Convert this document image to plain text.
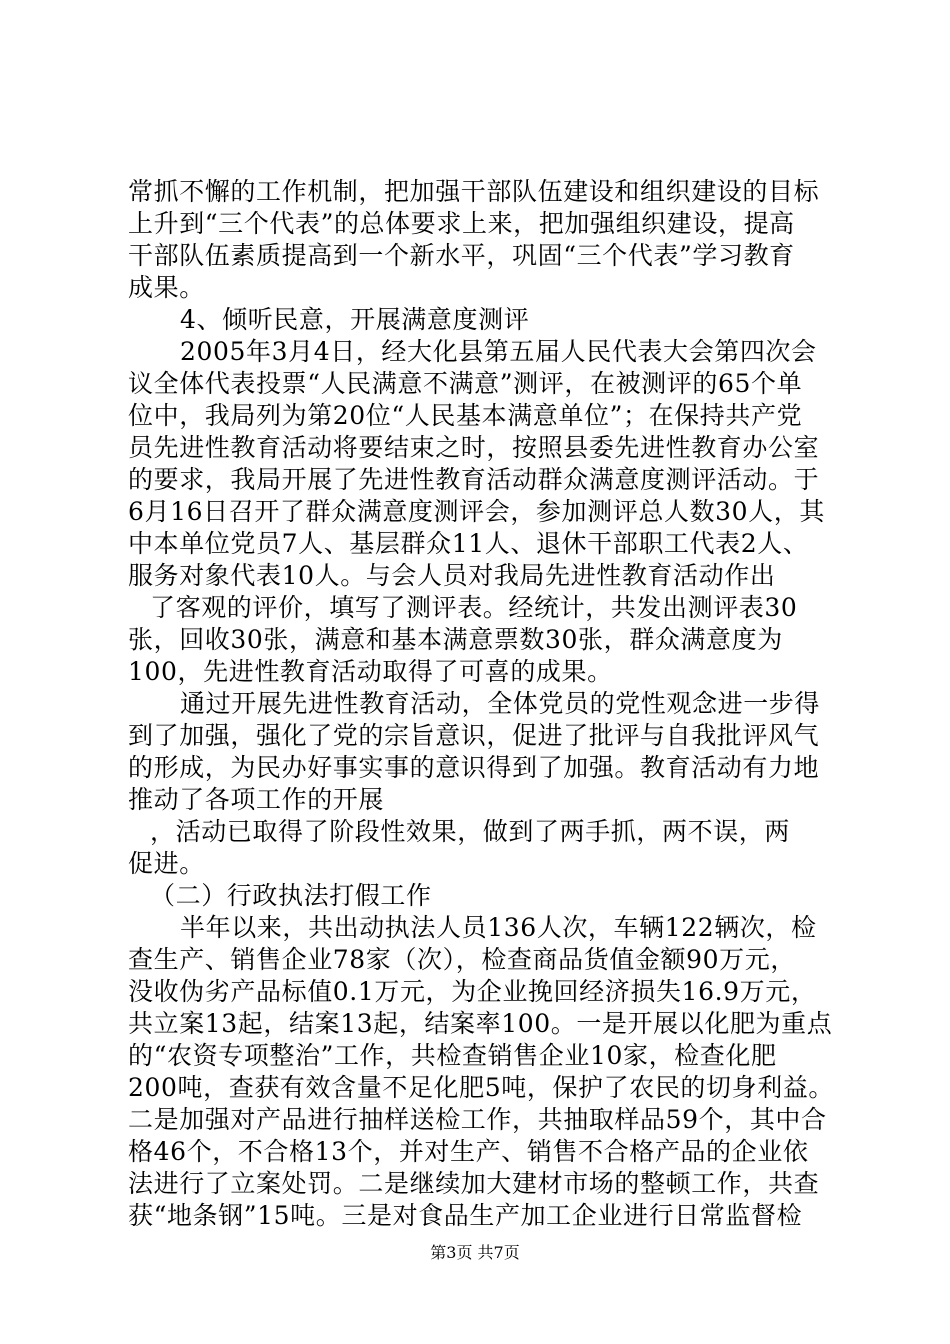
常抓不懈的工作机制，把加强干部队伍建设和组织建设的目标
上升到“三个代表”的总体要求上来，把加强组织建设，提高
干部队伍素质提高到一个新水平，巩固“三个代表”学习教育
成果。
4、倾听民意，开展满意度测评
2005年3月4日，经大化县第五届人民代表大会第四次会
议全体代表投票“人民满意不满意”测评，在被测评的65个单
位中，我局列为第20位“人民基本满意单位”；在保持共产党
员先进性教育活动将要结束之时，按照县委先进性教育办公室
的要求，我局开展了先进性教育活动群众满意度测评活动。于
6月16日召开了群众满意度测评会，参加测评总人数30人，其
中本单位党员7人、基层群众11人、退休干部职工代表2人、
服务对象代表10人。与会人员对我局先进性教育活动作出
了客观的评价，填写了测评表。经统计，共发出测评表30
张，回收30张，满意和基本满意票数30张，群众满意度为
100，先进性教育活动取得了可喜的成果。
通过开展先进性教育活动，全体党员的党性观念进一步得
到了加强，强化了党的宗旨意识，促进了批评与自我批评风气
的形成，为民办好事实事的意识得到了加强。教育活动有力地
推动了各项工作的开展
，活动已取得了阶段性效果，做到了两手抓，两不误，两
促进。
（二）行政执法打假工作
半年以来，共出动执法人员136人次，车辆122辆次，检
查生产、销售企业78家（次），检查商品货值金额90万元，
没收伪劣产品标值0.1万元，为企业挽回经济损失16.9万元，
共立案13起，结案13起，结案率100。一是开展以化肥为重点
的“农资专项整治”工作，共检查销售企业10家，检查化肥
200吨，查获有效含量不足化肥5吨，保护了农民的切身利益。
二是加强对产品进行抽样送检工作，共抽取样品59个，其中合
格46个，不合格13个，并对生产、销售不合格产品的企业依
法进行了立案处罚。二是继续加大建材市场的整顿工作，共查
获“地条钢”15吨。三是对食品生产加工企业进行日常监督检
第3页 共7页
